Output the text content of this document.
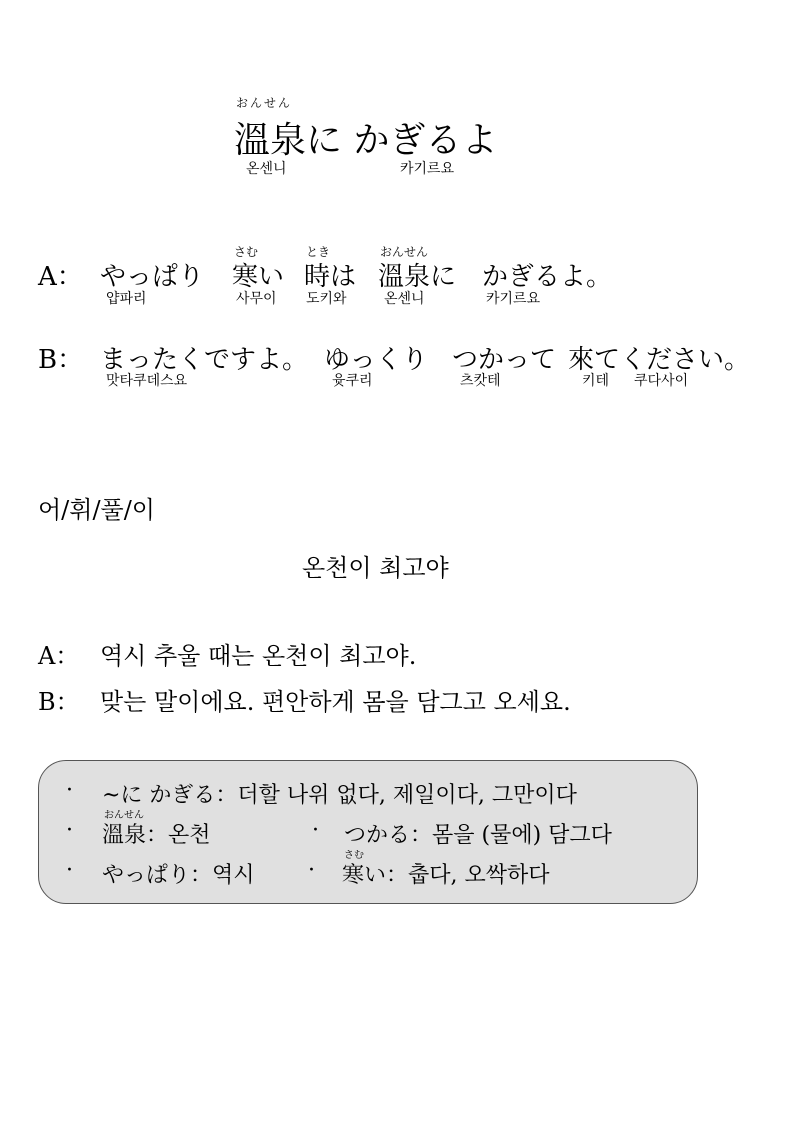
おんせん
溫泉に かぎるよ
온센니	카기르요
さむ	とき	おんせん
A： やっぱり 寒い 時は 溫泉に かぎるよ。
얍파리	사무이 도키와	온센니	카기르요
B： まったくですよ。 ゆっくり つかって 來てください。
맛타쿠데스요	윳쿠리	츠캇테	키테 쿠다사이
어/휘/풀/이
온천이 최고야
A： 역시 추울 때는 온천이 최고야.
B： 맞는 말이에요. 편안하게 몸을 담그고 오세요.
· ~に かぎる：더할 나위 없다, 제일이다, 그만이다
おんせん
· 溫泉：온천	· つかる：몸을 (물에) 담그다
さむ
· やっぱり：역시 · 寒い：춥다, 오싹하다
